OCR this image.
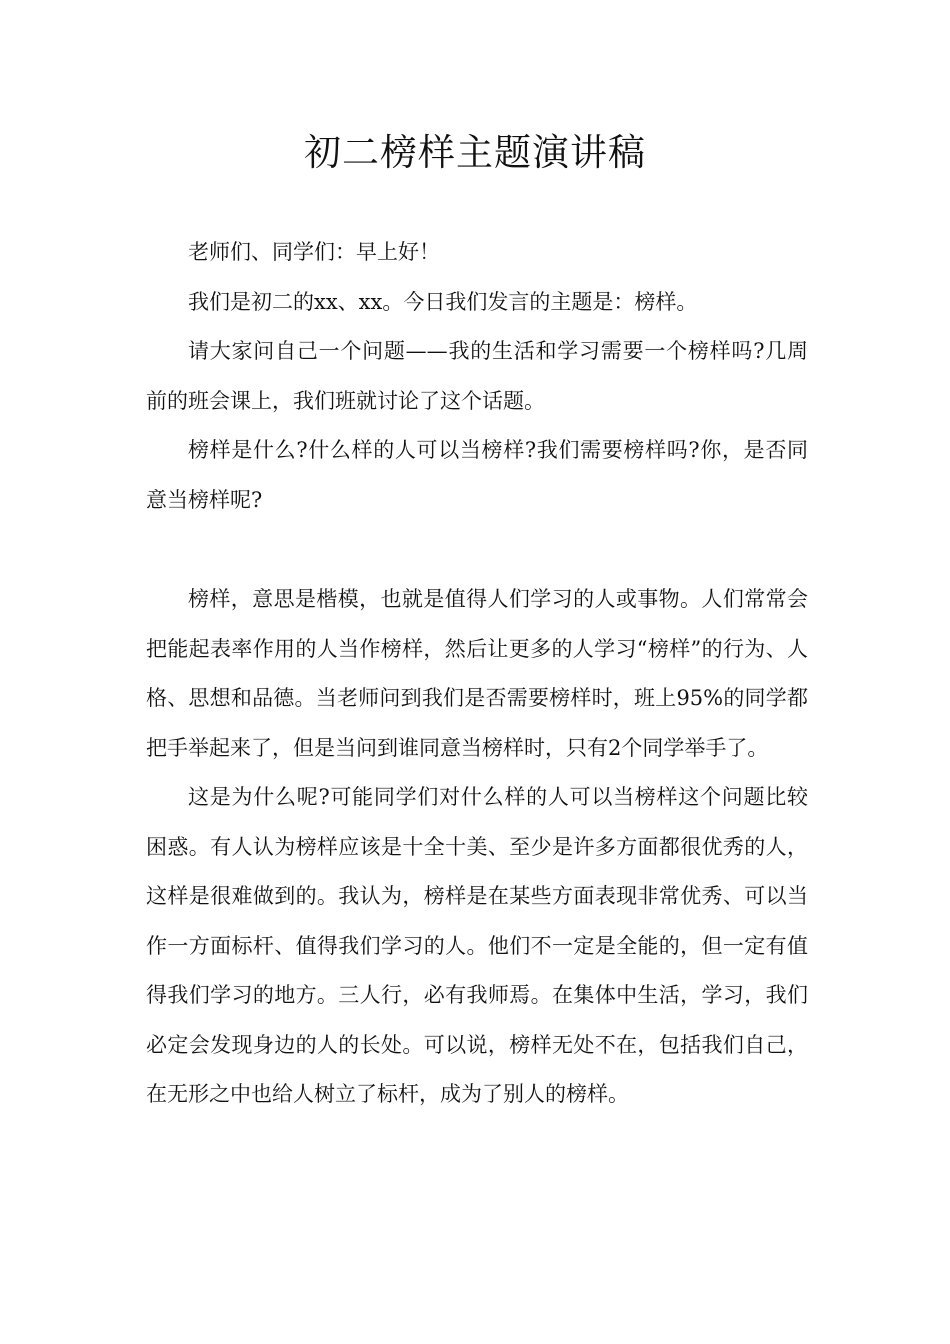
初二榜样主题演讲稿

老师们、同学们：早上好！

我们是初二的xx、xx。今日我们发言的主题是：榜样。

请大家问自己一个问题——我的生活和学习需要一个榜样吗?几周前的班会课上，我们班就讨论了这个话题。

榜样是什么?什么样的人可以当榜样?我们需要榜样吗?你，是否同意当榜样呢?

榜样，意思是楷模，也就是值得人们学习的人或事物。人们常常会把能起表率作用的人当作榜样，然后让更多的人学习“榜样”的行为、人格、思想和品德。当老师问到我们是否需要榜样时，班上95%的同学都把手举起来了，但是当问到谁同意当榜样时，只有2个同学举手了。

这是为什么呢?可能同学们对什么样的人可以当榜样这个问题比较困惑。有人认为榜样应该是十全十美、至少是许多方面都很优秀的人，这样是很难做到的。我认为，榜样是在某些方面表现非常优秀、可以当作一方面标杆、值得我们学习的人。他们不一定是全能的，但一定有值得我们学习的地方。三人行，必有我师焉。在集体中生活，学习，我们必定会发现身边的人的长处。可以说，榜样无处不在，包括我们自己，在无形之中也给人树立了标杆，成为了别人的榜样。
